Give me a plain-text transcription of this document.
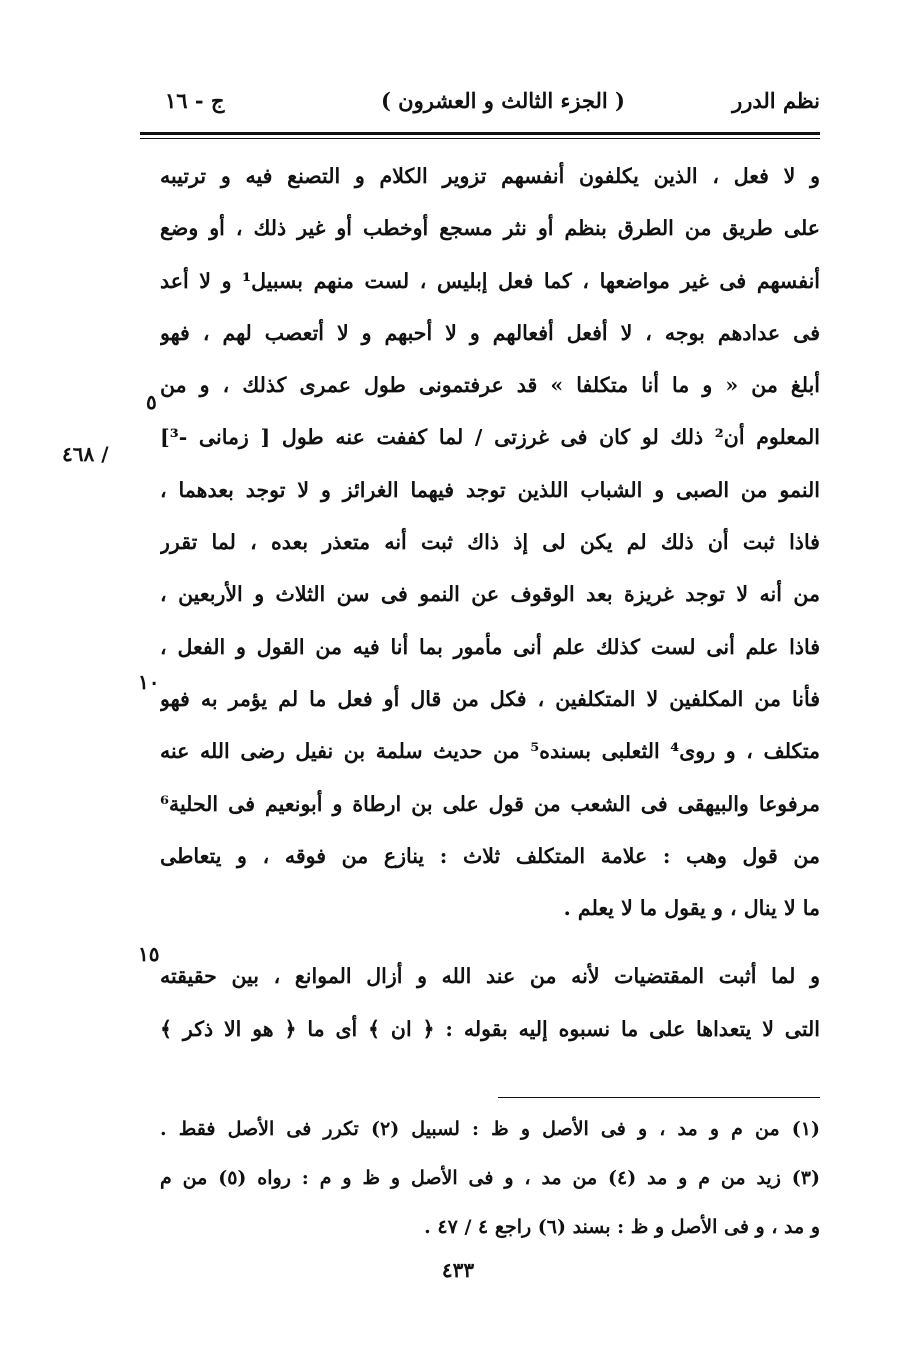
نظم الدرر
( الجزء الثالث و العشرون )
ج - ١٦
و لا فعل ، الذين يكلفون أنفسهم تزوير الكلام و التصنع فيه و ترتيبه
على طريق من الطرق بنظم أو نثر مسجع أوخطب أو غير ذلك ، أو وضع
أنفسهم فى غير مواضعها ، كما فعل إبليس ، لست منهم بسبيل¹ و لا أعد
فى عدادهم بوجه ، لا أفعل أفعالهم و لا أحبهم و لا أتعصب لهم ، فهو
أبلغ من « و ما أنا متكلفا » قد عرفتمونى طول عمرى كذلك ، و من
المعلوم أن² ذلك لو كان فى غرزتى / لما كففت عنه طول [ زمانى -³]
النمو من الصبى و الشباب اللذين توجد فيهما الغرائز و لا توجد بعدهما ،
فاذا ثبت أن ذلك لم يكن لى إذ ذاك ثبت أنه متعذر بعده ، لما تقرر
من أنه لا توجد غريزة بعد الوقوف عن النمو فى سن الثلاث و الأربعين ،
فاذا علم أنى لست كذلك علم أنى مأمور بما أنا فيه من القول و الفعل ،
فأنا من المكلفين لا المتكلفين ، فكل من قال أو فعل ما لم يؤمر به فهو
متكلف ، و روى⁴ الثعلبى بسنده⁵ من حديث سلمة بن نفيل رضى الله عنه
مرفوعا والبيهقى فى الشعب من قول على بن ارطاة و أبونعيم فى الحلية⁶
من قول وهب : علامة المتكلف ثلاث : ينازع من فوقه ، و يتعاطى
ما لا ينال ، و يقول ما لا يعلم .
و لما أثبت المقتضيات لأنه من عند الله و أزال الموانع ، بين حقيقته
التى لا يتعداها على ما نسبوه إليه بقوله : ﴿ ان ﴾ أى ما ﴿ هو الا ذكر ﴾
٥
/ ٤٦٨
١٠
١٥
(١) من م و مد ، و فى الأصل و ظ : لسبيل (٢) تكرر فى الأصل فقط .
(٣) زيد من م و مد (٤) من مد ، و فى الأصل و ظ و م : رواه (٥) من م
و مد ، و فى الأصل و ظ : بسند (٦) راجع ٤ / ٤٧ .
٤٣٣
